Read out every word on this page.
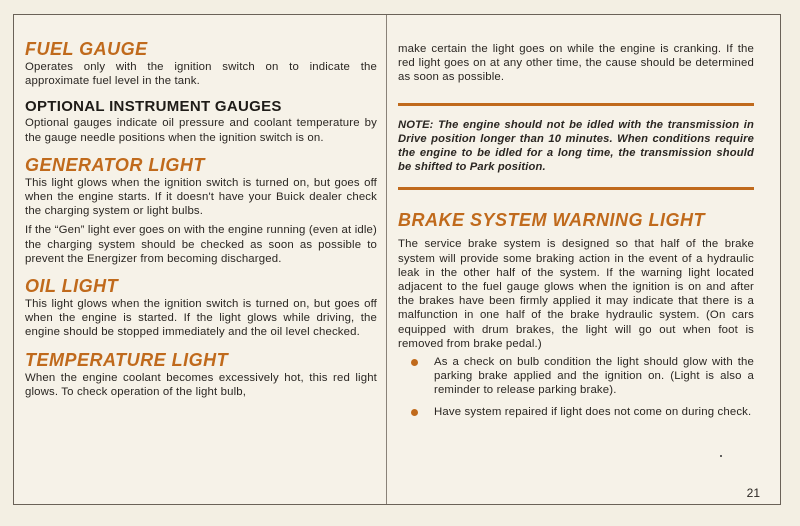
FUEL GAUGE

Operates only with the ignition switch on to indicate the approximate fuel level in the tank.

OPTIONAL INSTRUMENT GAUGES

Optional gauges indicate oil pressure and coolant temperature by the gauge needle positions when the ignition switch is on.

GENERATOR LIGHT

This light glows when the ignition switch is turned on, but goes off when the engine starts. If it doesn't have your Buick dealer check the charging system or light bulbs.

If the “Gen” light ever goes on with the engine running (even at idle) the charging system should be checked as soon as possible to prevent the Energizer from becoming discharged.

OIL LIGHT

This light glows when the ignition switch is turned on, but goes off when the engine is started. If the light glows while driving, the engine should be stopped immediately and the oil level checked.

TEMPERATURE LIGHT

When the engine coolant becomes excessively hot, this red light glows. To check operation of the light bulb,

make certain the light goes on while the engine is cranking. If the red light goes on at any other time, the cause should be determined as soon as possible.

NOTE: The engine should not be idled with the transmission in Drive position longer than 10 minutes. When conditions require the engine to be idled for a long time, the transmission should be shifted to Park position.

BRAKE SYSTEM WARNING LIGHT

The service brake system is designed so that half of the brake system will provide some braking action in the event of a hydraulic leak in the other half of the system. If the warning light located adjacent to the fuel gauge glows when the ignition is on and after the brakes have been firmly applied it may indicate that there is a malfunction in one half of the brake hydraulic system. (On cars equipped with drum brakes, the light will go out when foot is removed from brake pedal.)

As a check on bulb condition the light should glow with the parking brake applied and the ignition on. (Light is also a reminder to release parking brake).

Have system repaired if light does not come on during check.

21
